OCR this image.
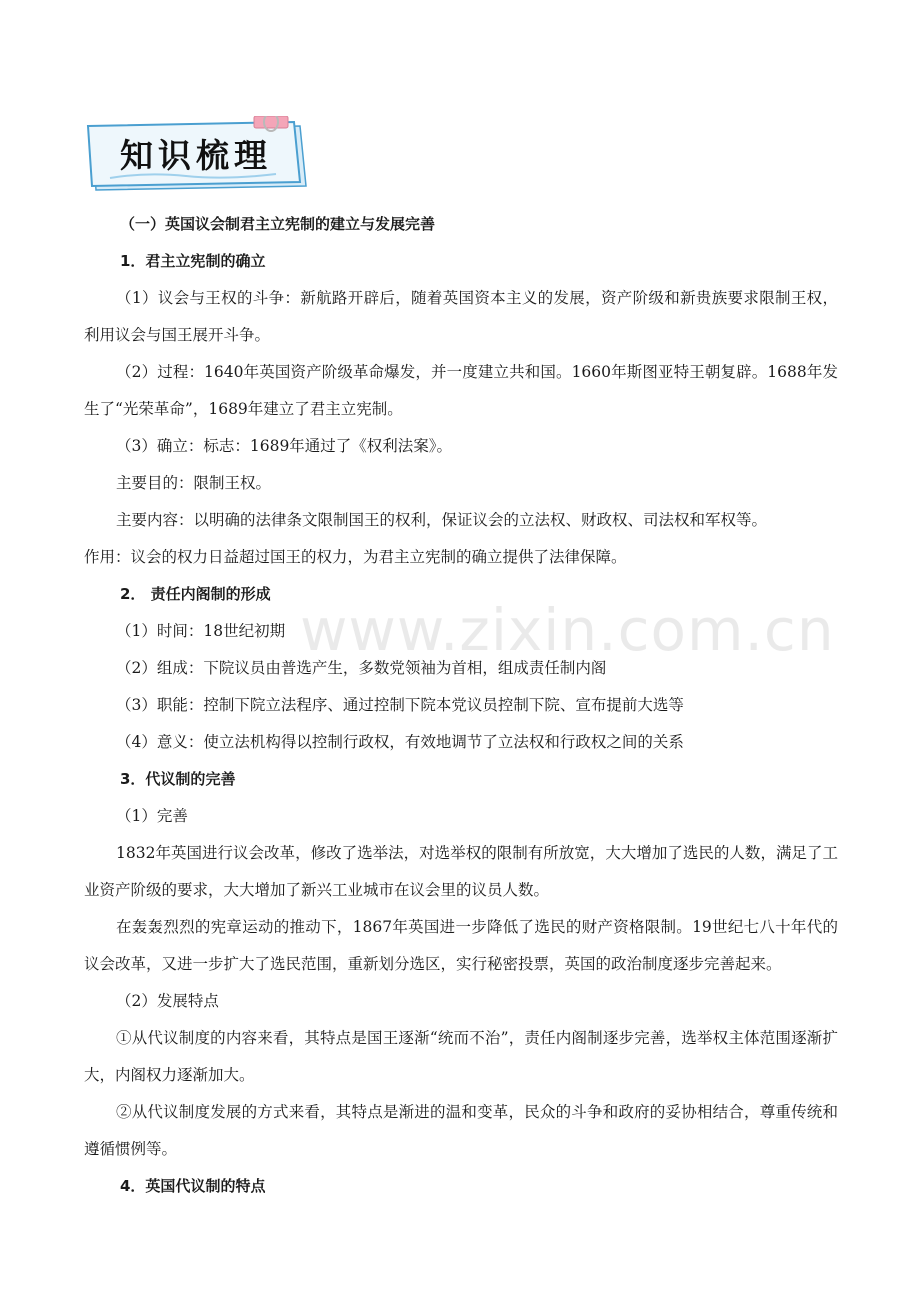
知识梳理
www.zixin.com.cn

（一）英国议会制君主立宪制的建立与发展完善

1．君主立宪制的确立

（1）议会与王权的斗争：新航路开辟后，随着英国资本主义的发展，资产阶级和新贵族要求限制王权，利用议会与国王展开斗争。

（2）过程：1640年英国资产阶级革命爆发，并一度建立共和国。1660年斯图亚特王朝复辟。1688年发生了“光荣革命”，1689年建立了君主立宪制。

（3）确立：标志：1689年通过了《权利法案》。

主要目的：限制王权。

主要内容：以明确的法律条文限制国王的权利，保证议会的立法权、财政权、司法权和军权等。

作用：议会的权力日益超过国王的权力，为君主立宪制的确立提供了法律保障。

2． 责任内阁制的形成

（1）时间：18世纪初期

（2）组成：下院议员由普选产生，多数党领袖为首相，组成责任制内阁

（3）职能：控制下院立法程序、通过控制下院本党议员控制下院、宣布提前大选等

（4）意义：使立法机构得以控制行政权，有效地调节了立法权和行政权之间的关系

3．代议制的完善

（1）完善

1832年英国进行议会改革，修改了选举法，对选举权的限制有所放宽，大大增加了选民的人数，满足了工业资产阶级的要求，大大增加了新兴工业城市在议会里的议员人数。

在轰轰烈烈的宪章运动的推动下，1867年英国进一步降低了选民的财产资格限制。19世纪七八十年代的议会改革，又进一步扩大了选民范围，重新划分选区，实行秘密投票，英国的政治制度逐步完善起来。

（2）发展特点

①从代议制度的内容来看，其特点是国王逐渐“统而不治”，责任内阁制逐步完善，选举权主体范围逐渐扩大，内阁权力逐渐加大。

②从代议制度发展的方式来看，其特点是渐进的温和变革，民众的斗争和政府的妥协相结合，尊重传统和遵循惯例等。

4．英国代议制的特点
